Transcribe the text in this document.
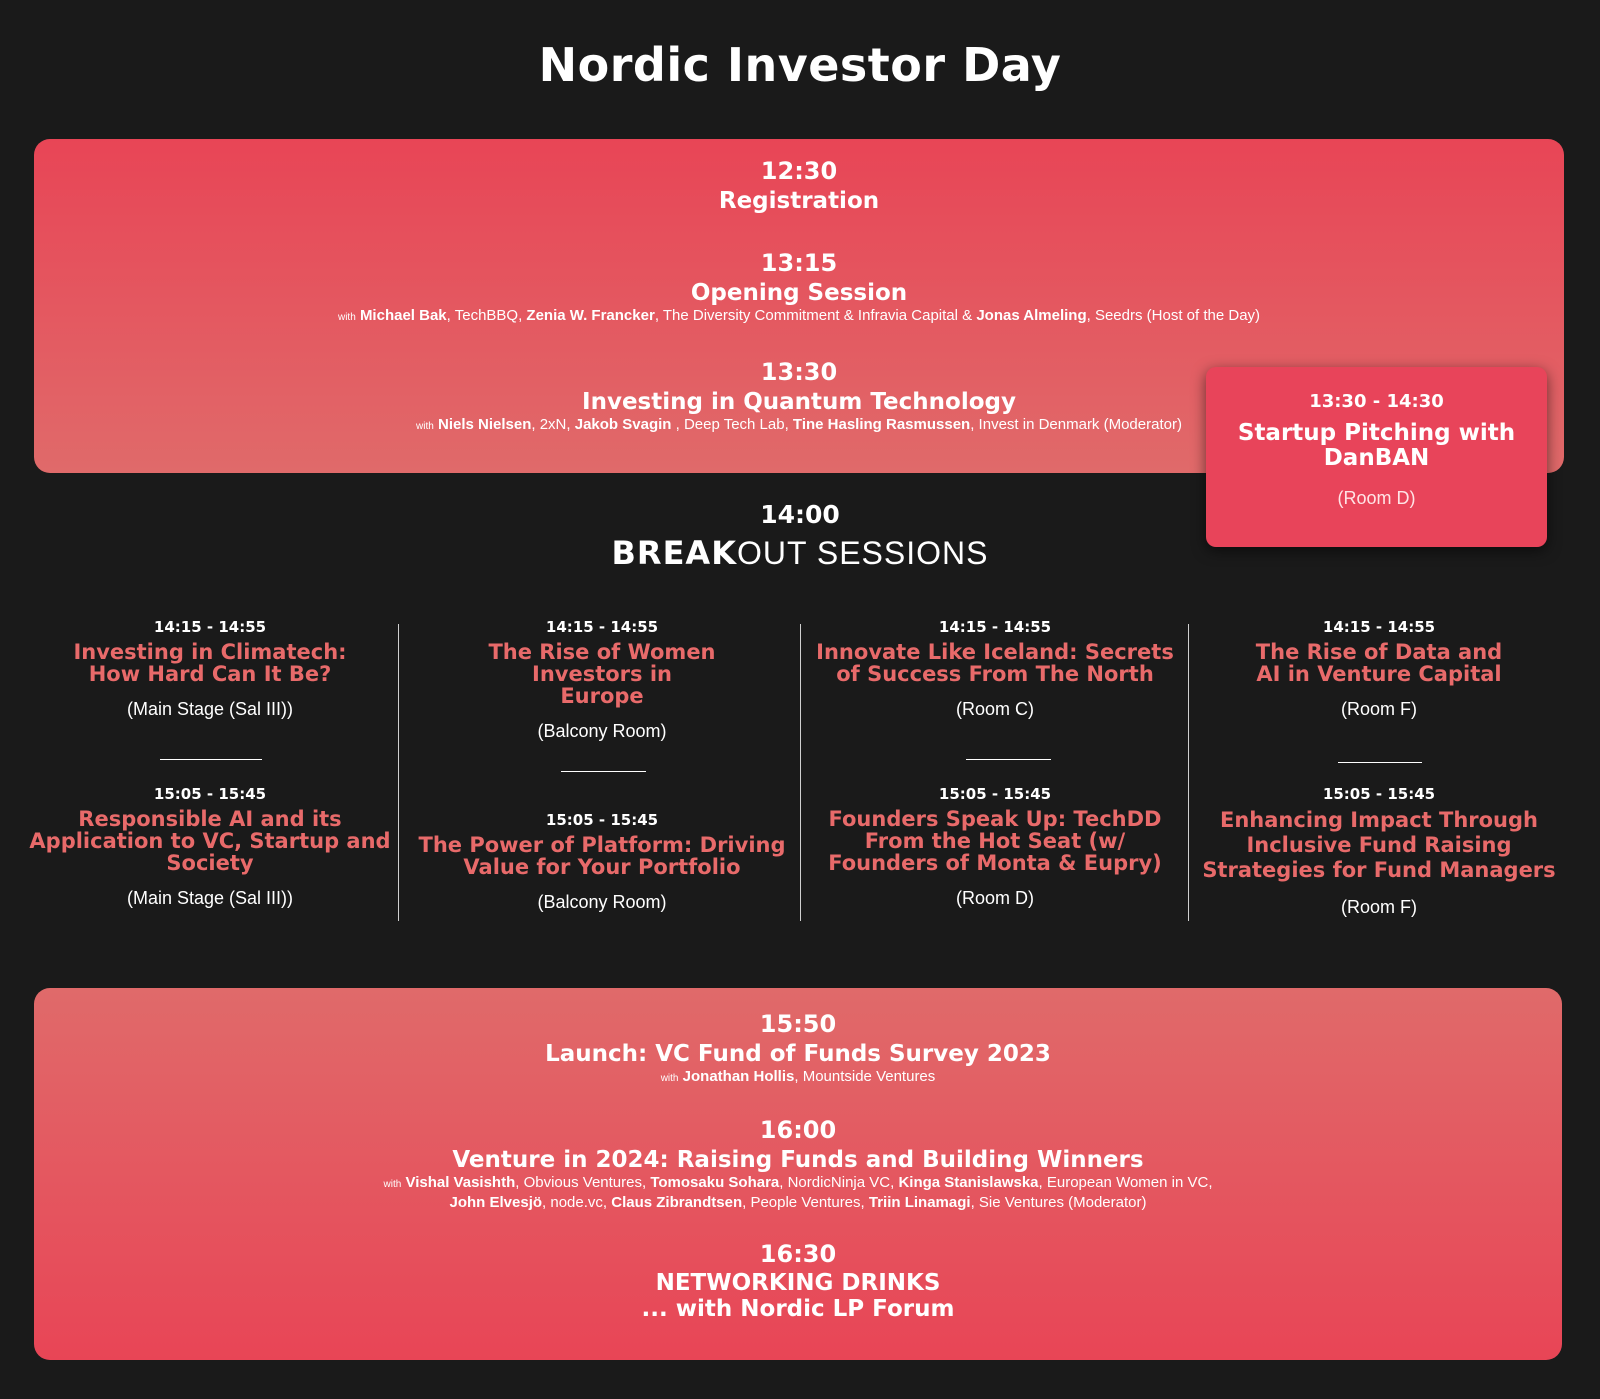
Nordic Investor Day
12:30
Registration
13:15
Opening Session
with Michael Bak, TechBBQ, Zenia W. Francker, The Diversity Commitment & Infravia Capital & Jonas Almeling, Seedrs (Host of the Day)
13:30
Investing in Quantum Technology
with Niels Nielsen, 2xN, Jakob Svagin , Deep Tech Lab, Tine Hasling Rasmussen, Invest in Denmark (Moderator)
13:30 - 14:30
Startup Pitching with DanBAN
(Room D)
14:00
BREAKOUT SESSIONS
14:15 - 14:55
Investing in Climatech: How Hard Can It Be?
(Main Stage (Sal III))
15:05 - 15:45
Responsible AI and its Application to VC, Startup and Society
(Main Stage (Sal III))
14:15 - 14:55
The Rise of Women Investors in Europe
(Balcony Room)
15:05 - 15:45
The Power of Platform: Driving Value for Your Portfolio
(Balcony Room)
14:15 - 14:55
Innovate Like Iceland: Secrets of Success From The North
(Room C)
15:05 - 15:45
Founders Speak Up: TechDD From the Hot Seat (w/ Founders of Monta & Eupry)
(Room D)
14:15 - 14:55
The Rise of Data and AI in Venture Capital
(Room F)
15:05 - 15:45
Enhancing Impact Through Inclusive Fund Raising Strategies for Fund Managers
(Room F)
15:50
Launch: VC Fund of Funds Survey 2023
with Jonathan Hollis, Mountside Ventures
16:00
Venture in 2024: Raising Funds and Building Winners
with Vishal Vasishth, Obvious Ventures, Tomosaku Sohara, NordicNinja VC, Kinga Stanislawska, European Women in VC,
John Elvesjö, node.vc, Claus Zibrandtsen, People Ventures, Triin Linamagi, Sie Ventures (Moderator)
16:30
NETWORKING DRINKS
... with Nordic LP Forum
